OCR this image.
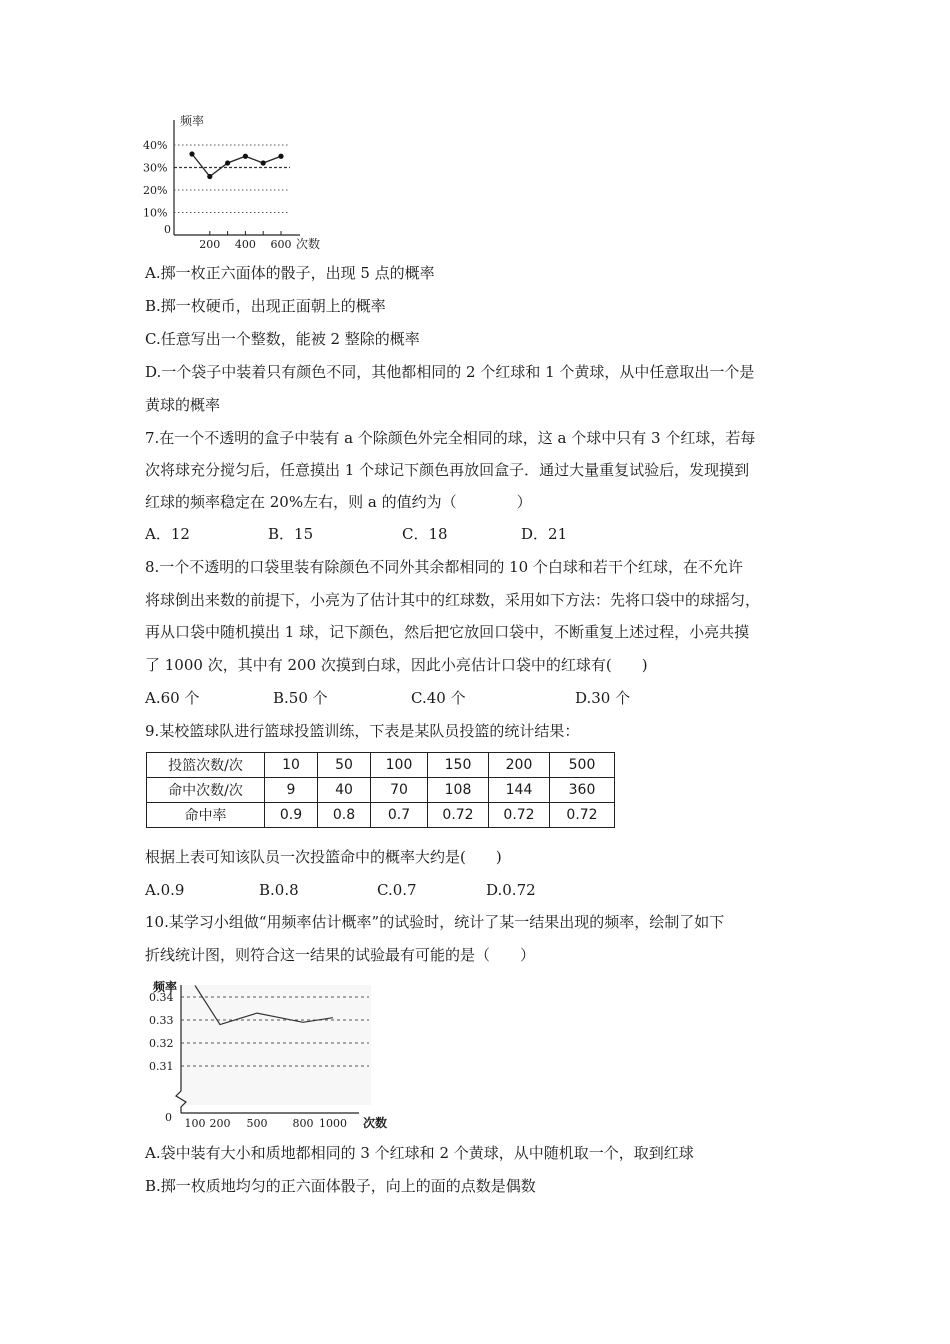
40%
30%
20%
10%
0
200 400 600
频率
次数
A.掷一枚正六面体的骰子，出现 5 点的概率
B.掷一枚硬币，出现正面朝上的概率
C.任意写出一个整数，能被 2 整除的概率
D.一个袋子中装着只有颜色不同，其他都相同的 2 个红球和 1 个黄球，从中任意取出一个是
黄球的概率
7.在一个不透明的盒子中装有 a 个除颜色外完全相同的球，这 a 个球中只有 3 个红球，若每
次将球充分搅匀后，任意摸出 1 个球记下颜色再放回盒子．通过大量重复试验后，发现摸到
红球的频率稳定在 20%左右，则 a 的值约为（　　　　）
A．12	B．15	C．18	D．21
8.一个不透明的口袋里装有除颜色不同外其余都相同的 10 个白球和若干个红球，在不允许
将球倒出来数的前提下，小亮为了估计其中的红球数，采用如下方法：先将口袋中的球摇匀，
再从口袋中随机摸出 1 球，记下颜色，然后把它放回口袋中，不断重复上述过程，小亮共摸
了 1000 次，其中有 200 次摸到白球，因此小亮估计口袋中的红球有(　　)
A.60 个	B.50 个	C.40 个	D.30 个
9.某校篮球队进行篮球投篮训练，下表是某队员投篮的统计结果：
投篮次数/次	10	50	100	150	200	500
命中次数/次	9	40	70	108	144	360
命中率	0.9	0.8	0.7	0.72	0.72	0.72
根据上表可知该队员一次投篮命中的概率大约是(　　)
A.0.9	B.0.8	C.0.7	D.0.72
10.某学习小组做“用频率估计概率”的试验时，统计了某一结果出现的频率，绘制了如下
折线统计图，则符合这一结果的试验最有可能的是（　　）
0.34
0.33
0.32
0.31
0 100 200 500 800 1000
频率
次数
A.袋中装有大小和质地都相同的 3 个红球和 2 个黄球，从中随机取一个，取到红球
B.掷一枚质地均匀的正六面体骰子，向上的面的点数是偶数
